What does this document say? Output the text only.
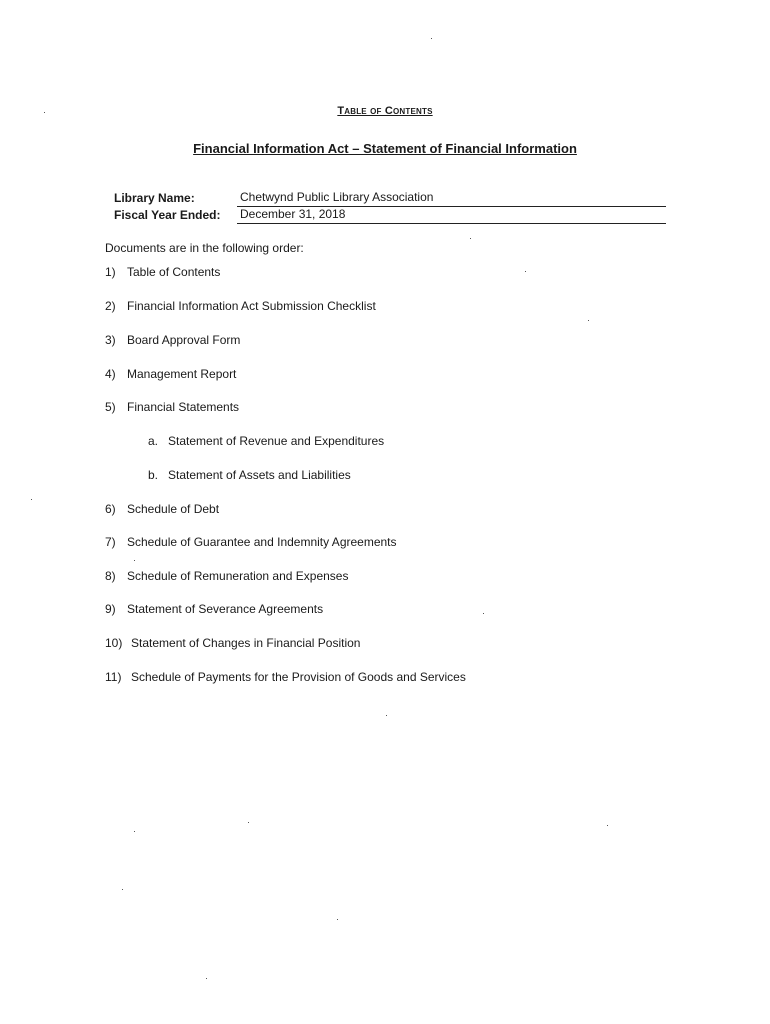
Table of Contents
Financial Information Act – Statement of Financial Information
Library Name:	Chetwynd Public Library Association
Fiscal Year Ended: December 31, 2018
Documents are in the following order:
1) Table of Contents
2) Financial Information Act Submission Checklist
3) Board Approval Form
4) Management Report
5) Financial Statements
a. Statement of Revenue and Expenditures
b. Statement of Assets and Liabilities
6) Schedule of Debt
7) Schedule of Guarantee and Indemnity Agreements
8) Schedule of Remuneration and Expenses
9) Statement of Severance Agreements
10) Statement of Changes in Financial Position
11) Schedule of Payments for the Provision of Goods and Services
